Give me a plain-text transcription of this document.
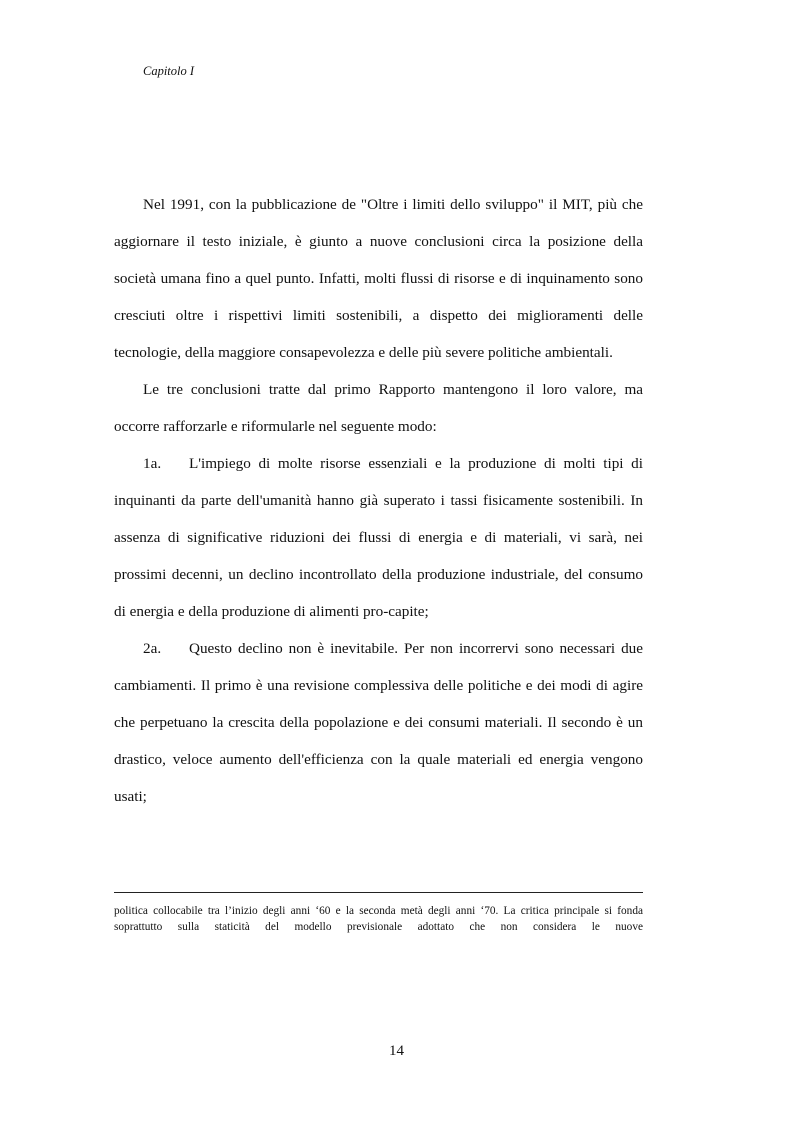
Capitolo I

Nel 1991, con la pubblicazione de "Oltre i limiti dello sviluppo" il MIT, più che aggiornare il testo iniziale, è giunto a nuove conclusioni circa la posizione della società umana fino a quel punto. Infatti, molti flussi di risorse e di inquinamento sono cresciuti oltre i rispettivi limiti sostenibili, a dispetto dei miglioramenti delle tecnologie, della maggiore consapevolezza e delle più severe politiche ambientali.

Le tre conclusioni tratte dal primo Rapporto mantengono il loro valore, ma occorre rafforzarle e riformularle nel seguente modo:

1a. L'impiego di molte risorse essenziali e la produzione di molti tipi di inquinanti da parte dell'umanità hanno già superato i tassi fisicamente sostenibili. In assenza di significative riduzioni dei flussi di energia e di materiali, vi sarà, nei prossimi decenni, un declino incontrollato della produzione industriale, del consumo di energia e della produzione di alimenti pro-capite;

2a. Questo declino non è inevitabile. Per non incorrervi sono necessari due cambiamenti. Il primo è una revisione complessiva delle politiche e dei modi di agire che perpetuano la crescita della popolazione e dei consumi materiali. Il secondo è un drastico, veloce aumento dell'efficienza con la quale materiali ed energia vengono usati;

politica collocabile tra l’inizio degli anni ‘60 e la seconda metà degli anni ‘70. La critica principale si fonda soprattutto sulla staticità del modello previsionale adottato che non considera le nuove
14
